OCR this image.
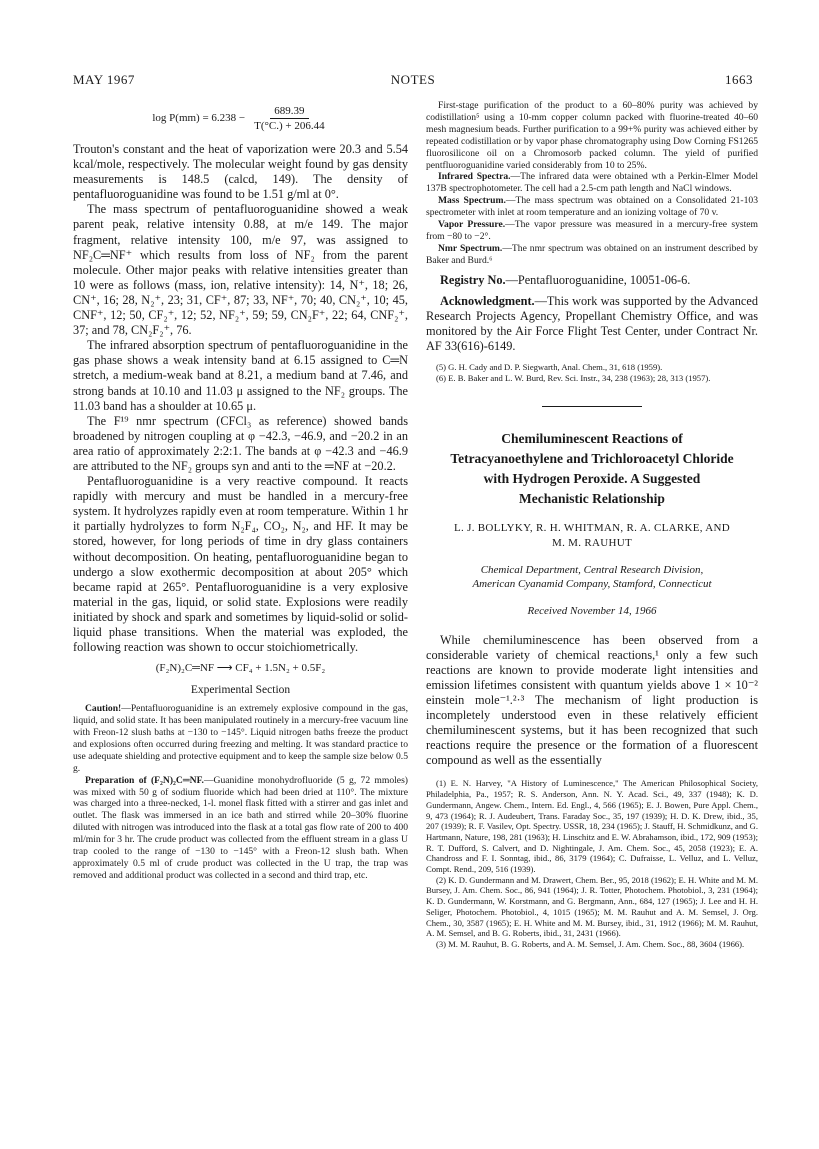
MAY 1967	NOTES	1663
$\log P(mm) = 6.238 - \frac{689.39}{T(^\circ C.) + 206.44}$

Trouton's constant and the heat of vaporization were 20.3 and 5.54 kcal/mole, respectively. The molecular weight found by gas density measurements is 148.5 (calcd, 149). The density of pentafluoroguanidine was found to be 1.51 g/ml at 0°.

The mass spectrum of pentafluoroguanidine showed a weak parent peak, relative intensity 0.88, at m/e 149. The major fragment, relative intensity 100, m/e 97, was assigned to NF₂C═NF⁺ which results from loss of NF₂ from the parent molecule. Other major peaks with relative intensities greater than 10 were as follows (mass, ion, relative intensity): 14, N⁺, 18; 26, CN⁺, 16; 28, N₂⁺, 23; 31, CF⁺, 87; 33, NF⁺, 70; 40, CN₂⁺, 10; 45, CNF⁺, 12; 50, CF₂⁺, 12; 52, NF₂⁺, 59; 59, CN₂F⁺, 22; 64, CNF₂⁺, 37; and 78, CN₂F₂⁺, 76.

The infrared absorption spectrum of pentafluoroguanidine in the gas phase shows a weak intensity band at 6.15 assigned to C═N stretch, a medium-weak band at 8.21, a medium band at 7.46, and strong bands at 10.10 and 11.03 μ assigned to the NF₂ groups. The 11.03 band has a shoulder at 10.65 μ.

The F¹⁹ nmr spectrum (CFCl₃ as reference) showed bands broadened by nitrogen coupling at φ −42.3, −46.9, and −20.2 in an area ratio of approximately 2:2:1. The bands at φ −42.3 and −46.9 are attributed to the NF₂ groups syn and anti to the ═NF at −20.2.

Pentafluoroguanidine is a very reactive compound. It reacts rapidly with mercury and must be handled in a mercury-free system. It hydrolyzes rapidly even at room temperature. Within 1 hr it partially hydrolyzes to form N₂F₄, CO₂, N₂, and HF. It may be stored, however, for long periods of time in dry glass containers without decomposition. On heating, pentafluoroguanidine began to undergo a slow exothermic decomposition at about 205° which became rapid at 265°. Pentafluoroguanidine is a very explosive material in the gas, liquid, or solid state. Explosions were readily initiated by shock and spark and sometimes by liquid-solid or solid-liquid phase transitions. When the material was exploded, the following reaction was shown to occur stoichiometrically.

(F₂N)₂C═NF ⟶ CF₄ + 1.5N₂ + 0.5F₂
Experimental Section

Caution!—Pentafluoroguanidine is an extremely explosive compound in the gas, liquid, and solid state. It has been manipulated routinely in a mercury-free vacuum line with Freon-12 slush baths at −130 to −145°. Liquid nitrogen baths freeze the product and explosions often occurred during freezing and melting. It was standard practice to use adequate shielding and protective equipment and to keep the sample size below 0.5 g.

Preparation of (F₂N)₂C═NF.—Guanidine monohydrofluoride (5 g, 72 mmoles) was mixed with 50 g of sodium fluoride which had been dried at 110°. The mixture was charged into a three-necked, 1-l. monel flask fitted with a stirrer and gas inlet and outlet. The flask was immersed in an ice bath and stirred while 20–30% fluorine diluted with nitrogen was introduced into the flask at a total gas flow rate of 200 to 400 ml/min for 3 hr. The crude product was collected from the effluent stream in a glass U trap cooled to the range of −130 to −145° with a Freon-12 slush bath. When approximately 0.5 ml of crude product was collected in the U trap, the trap was removed and additional product was collected in a second and third trap, etc.

First-stage purification of the product to a 60–80% purity was achieved by codistillation⁵ using a 10-mm copper column packed with fluorine-treated 40–60 mesh magnesium beads. Further purification to a 99+% purity was achieved either by repeated codistillation or by vapor phase chromatography using Dow Corning FS1265 fluorosilicone oil on a Chromosorb packed column. The yield of purified pentfluoroguanidine varied considerably from 10 to 25%.

Infrared Spectra.—The infrared data were obtained wth a Perkin-Elmer Model 137B spectrophotometer. The cell had a 2.5-cm path length and NaCl windows.

Mass Spectrum.—The mass spectrum was obtained on a Consolidated 21-103 spectrometer with inlet at room temperature and an ionizing voltage of 70 v.

Vapor Pressure.—The vapor pressure was measured in a mercury-free system from −80 to −2°.

Nmr Spectrum.—The nmr spectrum was obtained on an instrument described by Baker and Burd.⁶

Registry No.—Pentafluoroguanidine, 10051-06-6.

Acknowledgment.—This work was supported by the Advanced Research Projects Agency, Propellant Chemistry Office, and was monitored by the Air Force Flight Test Center, under Contract Nr. AF 33(616)-6149.

(5) G. H. Cady and D. P. Siegwarth, Anal. Chem., 31, 618 (1959).

(6) E. B. Baker and L. W. Burd, Rev. Sci. Instr., 34, 238 (1963); 28, 313 (1957).

Chemiluminescent Reactions of

Tetracyanoethylene and Trichloroacetyl Chloride

with Hydrogen Peroxide. A Suggested

Mechanistic Relationship

L. J. BOLLYKY, R. H. WHITMAN, R. A. CLARKE, AND
M. M. RAUHUT
Chemical Department, Central Research Division,
American Cyanamid Company, Stamford, Connecticut
Received November 14, 1966

While chemiluminescence has been observed from a considerable variety of chemical reactions,¹ only a few such reactions are known to provide moderate light intensities and emission lifetimes consistent with quantum yields above 1 × 10⁻² einstein mole⁻¹.²·³ The mechanism of light production is incompletely understood even in these relatively efficient chemiluminescent systems, but it has been recognized that such reactions require the presence or the formation of a fluorescent compound as well as the essentially

(1) E. N. Harvey, "A History of Luminescence," The American Philosophical Society, Philadelphia, Pa., 1957; R. S. Anderson, Ann. N. Y. Acad. Sci., 49, 337 (1948); K. D. Gundermann, Angew. Chem., Intern. Ed. Engl., 4, 566 (1965); E. J. Bowen, Pure Appl. Chem., 9, 473 (1964); R. J. Audeubert, Trans. Faraday Soc., 35, 197 (1939); H. D. K. Drew, ibid., 35, 207 (1939); R. F. Vasilev, Opt. Spectry. USSR, 18, 234 (1965); J. Stauff, H. Schmidkunz, and G. Hartmann, Nature, 198, 281 (1963); H. Linschitz and E. W. Abrahamson, ibid., 172, 909 (1953); R. T. Dufford, S. Calvert, and D. Nightingale, J. Am. Chem. Soc., 45, 2058 (1923); E. A. Chandross and F. I. Sonntag, ibid., 86, 3179 (1964); C. Dufraisse, L. Velluz, and L. Velluz, Compt. Rend., 209, 516 (1939).

(2) K. D. Gundermann and M. Drawert, Chem. Ber., 95, 2018 (1962); E. H. White and M. M. Bursey, J. Am. Chem. Soc., 86, 941 (1964); J. R. Totter, Photochem. Photobiol., 3, 231 (1964); K. D. Gundermann, W. Korstmann, and G. Bergmann, Ann., 684, 127 (1965); J. Lee and H. H. Seliger, Photochem. Photobiol., 4, 1015 (1965); M. M. Rauhut and A. M. Semsel, J. Org. Chem., 30, 3587 (1965); E. H. White and M. M. Bursey, ibid., 31, 1912 (1966); M. M. Rauhut, A. M. Semsel, and B. G. Roberts, ibid., 31, 2431 (1966).

(3) M. M. Rauhut, B. G. Roberts, and A. M. Semsel, J. Am. Chem. Soc., 88, 3604 (1966).
